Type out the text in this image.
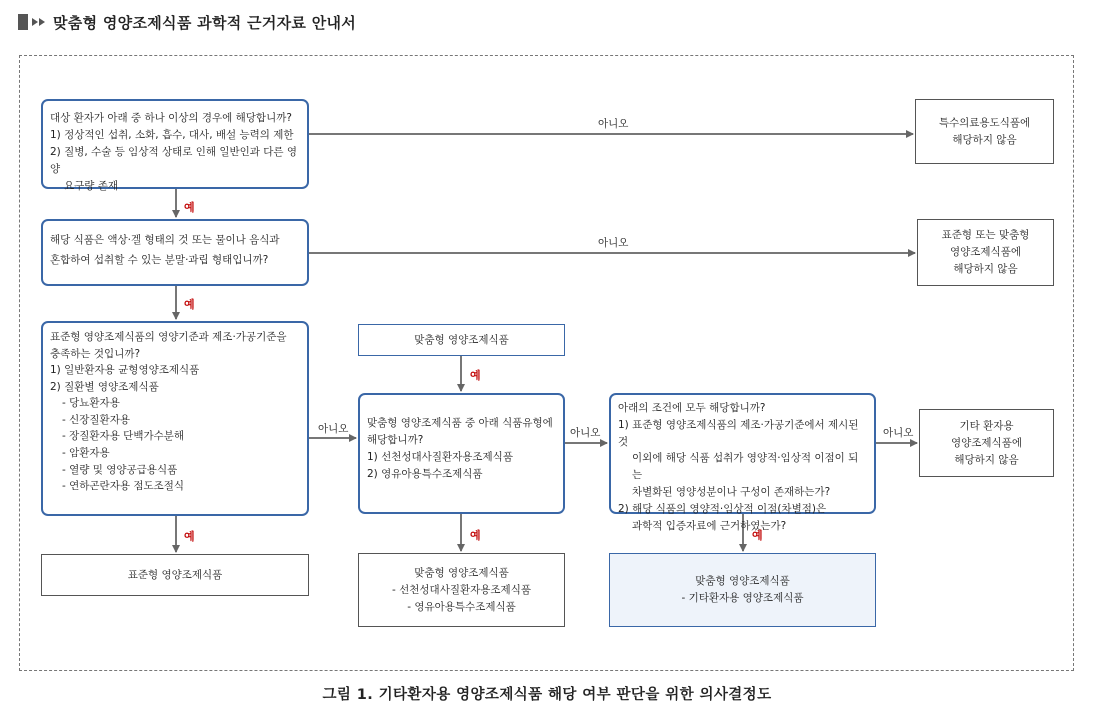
맞춤형 영양조제식품 과학적 근거자료 안내서

대상 환자가 아래 중 하나 이상의 경우에 해당합니까?

1) 정상적인 섭취, 소화, 흡수, 대사, 배설 능력의 제한

2) 질병, 수술 등 임상적 상태로 인해 일반인과 다른 영양

요구량 존재

해당 식품은 액상·겔 형태의 것 또는 물이나 음식과

혼합하여 섭취할 수 있는 분말·과립 형태입니까?

표준형 영양조제식품의 영양기준과 제조·가공기준을

충족하는 것입니까?

1) 일반환자용 균형영양조제식품

2) 질환별 영양조제식품

- 당뇨환자용

- 신장질환자용

- 장질환자용 단백가수분해

- 암환자용

- 열량 및 영양공급용식품

- 연하곤란자용 점도조절식

맞춤형 영양조제식품

맞춤형 영양조제식품 중 아래 식품유형에

해당합니까?

1) 선천성대사질환자용조제식품

2) 영유아용특수조제식품

아래의 조건에 모두 해당합니까?

1) 표준형 영양조제식품의 제조·가공기준에서 제시된 것

이외에 해당 식품 섭취가 영양적·임상적 이점이 되는

차별화된 영양성분이나 구성이 존재하는가?

2) 해당 식품의 영양적·임상적 이점(차별점)은

과학적 입증자료에 근거하였는가?

특수의료용도식품에
해당하지 않음
표준형 또는 맞춤형
영양조제식품에
해당하지 않음
기타 환자용
영양조제식품에
해당하지 않음
표준형 영양조제식품	맞춤형 영양조제식품
- 선천성대사질환자용조제식품
- 영유아용특수조제식품
맞춤형 영양조제식품
- 기타환자용 영양조제식품
아니오
아니오
아니오	아니오	아니오
예
예
예
예	예	예
그림 1. 기타환자용 영양조제식품 해당 여부 판단을 위한 의사결정도
